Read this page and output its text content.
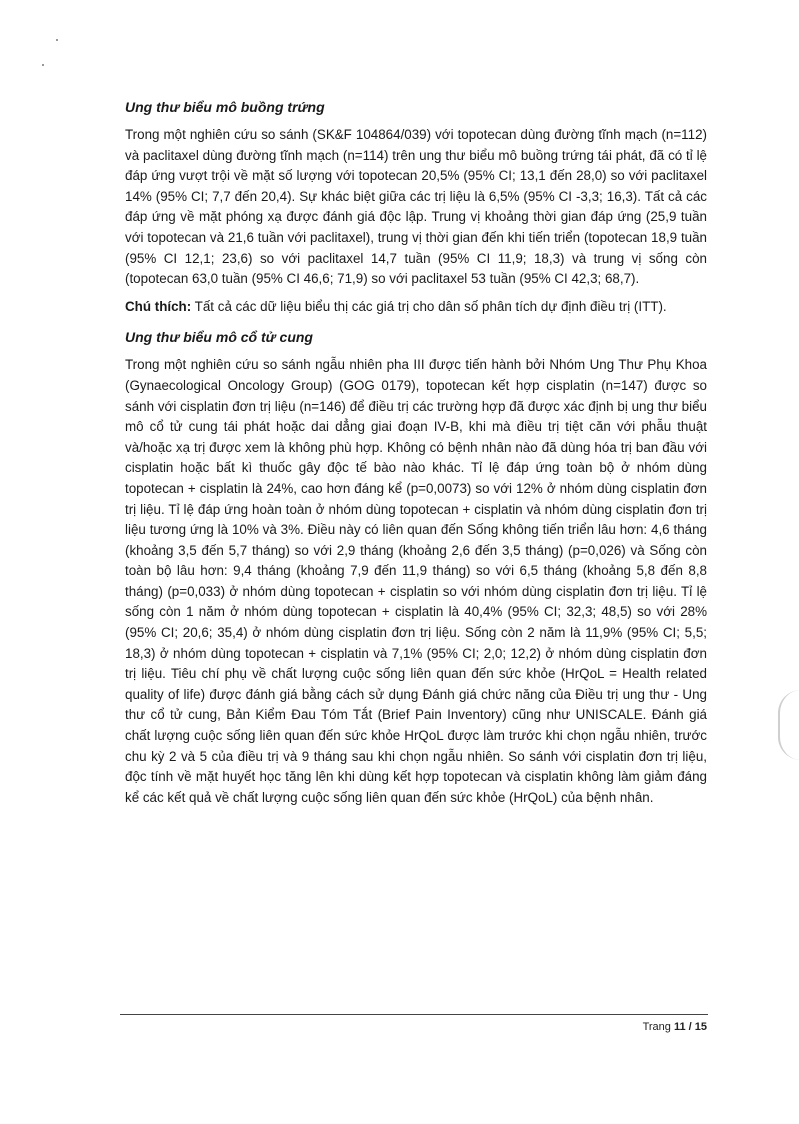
Ung thư biểu mô buồng trứng
Trong một nghiên cứu so sánh (SK&F 104864/039) với topotecan dùng đường tĩnh mạch (n=112) và paclitaxel dùng đường tĩnh mạch (n=114) trên ung thư biểu mô buồng trứng tái phát, đã có tỉ lệ đáp ứng vượt trội về mặt số lượng với topotecan 20,5% (95% CI; 13,1 đến 28,0) so với paclitaxel 14% (95% CI; 7,7 đến 20,4). Sự khác biệt giữa các trị liệu là 6,5% (95% CI -3,3; 16,3). Tất cả các đáp ứng về mặt phóng xạ được đánh giá độc lập. Trung vị khoảng thời gian đáp ứng (25,9 tuần với topotecan và 21,6 tuần với paclitaxel), trung vị thời gian đến khi tiến triển (topotecan 18,9 tuần (95% CI 12,1; 23,6) so với paclitaxel 14,7 tuần (95% CI 11,9; 18,3) và trung vị sống còn (topotecan 63,0 tuần (95% CI 46,6; 71,9) so với paclitaxel 53 tuần (95% CI 42,3; 68,7).
Chú thích: Tất cả các dữ liệu biểu thị các giá trị cho dân số phân tích dự định điều trị (ITT).
Ung thư biểu mô cổ tử cung
Trong một nghiên cứu so sánh ngẫu nhiên pha III được tiến hành bởi Nhóm Ung Thư Phụ Khoa (Gynaecological Oncology Group) (GOG 0179), topotecan kết hợp cisplatin (n=147) được so sánh với cisplatin đơn trị liệu (n=146) để điều trị các trường hợp đã được xác định bị ung thư biểu mô cổ tử cung tái phát hoặc dai dẳng giai đoạn IV-B, khi mà điều trị tiệt căn với phẫu thuật và/hoặc xạ trị được xem là không phù hợp. Không có bệnh nhân nào đã dùng hóa trị ban đầu với cisplatin hoặc bất kì thuốc gây độc tế bào nào khác. Tỉ lệ đáp ứng toàn bộ ở nhóm dùng topotecan + cisplatin là 24%, cao hơn đáng kể (p=0,0073) so với 12% ở nhóm dùng cisplatin đơn trị liệu. Tỉ lệ đáp ứng hoàn toàn ở nhóm dùng topotecan + cisplatin và nhóm dùng cisplatin đơn trị liệu tương ứng là 10% và 3%. Điều này có liên quan đến Sống không tiến triển lâu hơn: 4,6 tháng (khoảng 3,5 đến 5,7 tháng) so với 2,9 tháng (khoảng 2,6 đến 3,5 tháng) (p=0,026) và Sống còn toàn bộ lâu hơn: 9,4 tháng (khoảng 7,9 đến 11,9 tháng) so với 6,5 tháng (khoảng 5,8 đến 8,8 tháng) (p=0,033) ở nhóm dùng topotecan + cisplatin so với nhóm dùng cisplatin đơn trị liệu. Tỉ lệ sống còn 1 năm ở nhóm dùng topotecan + cisplatin là 40,4% (95% CI; 32,3; 48,5) so với 28% (95% CI; 20,6; 35,4) ở nhóm dùng cisplatin đơn trị liệu. Sống còn 2 năm là 11,9% (95% CI; 5,5; 18,3) ở nhóm dùng topotecan + cisplatin và 7,1% (95% CI; 2,0; 12,2) ở nhóm dùng cisplatin đơn trị liệu. Tiêu chí phụ về chất lượng cuộc sống liên quan đến sức khỏe (HrQoL = Health related quality of life) được đánh giá bằng cách sử dụng Đánh giá chức năng của Điều trị ung thư - Ung thư cổ tử cung, Bản Kiểm Đau Tóm Tắt (Brief Pain Inventory) cũng như UNISCALE. Đánh giá chất lượng cuộc sống liên quan đến sức khỏe HrQoL được làm trước khi chọn ngẫu nhiên, trước chu kỳ 2 và 5 của điều trị và 9 tháng sau khi chọn ngẫu nhiên. So sánh với cisplatin đơn trị liệu, độc tính về mặt huyết học tăng lên khi dùng kết hợp topotecan và cisplatin không làm giảm đáng kể các kết quả về chất lượng cuộc sống liên quan đến sức khỏe (HrQoL) của bệnh nhân.
Trang 11 / 15
